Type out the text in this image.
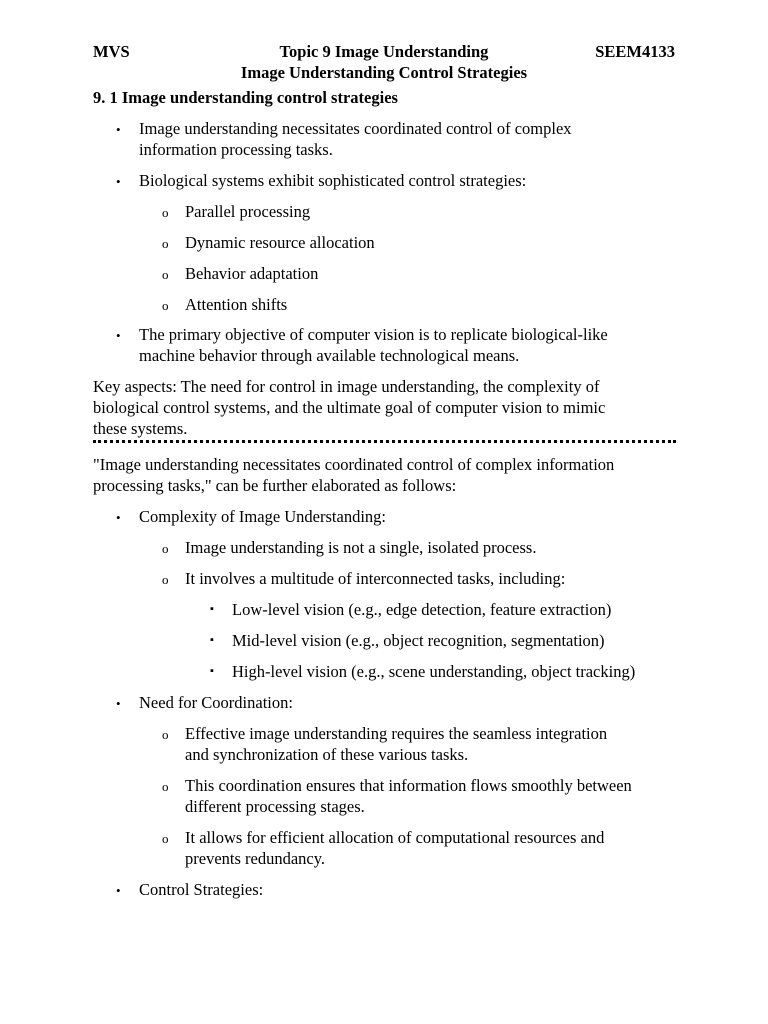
MVS	Topic 9 Image Understanding	SEEM4133
Image Understanding Control Strategies
9. 1 Image understanding control strategies
• Image understanding necessitates coordinated control of complex
information processing tasks.
• Biological systems exhibit sophisticated control strategies:
o Parallel processing
o Dynamic resource allocation
o Behavior adaptation
o Attention shifts
• The primary objective of computer vision is to replicate biological-like
machine behavior through available technological means.
Key aspects: The need for control in image understanding, the complexity of
biological control systems, and the ultimate goal of computer vision to mimic
these systems.
"Image understanding necessitates coordinated control of complex information
processing tasks," can be further elaborated as follows:
• Complexity of Image Understanding:
o Image understanding is not a single, isolated process.
o It involves a multitude of interconnected tasks, including:
▪ Low-level vision (e.g., edge detection, feature extraction)
▪ Mid-level vision (e.g., object recognition, segmentation)
▪ High-level vision (e.g., scene understanding, object tracking)
• Need for Coordination:
o Effective image understanding requires the seamless integration
and synchronization of these various tasks.
o This coordination ensures that information flows smoothly between
different processing stages.
o It allows for efficient allocation of computational resources and
prevents redundancy.
• Control Strategies:
